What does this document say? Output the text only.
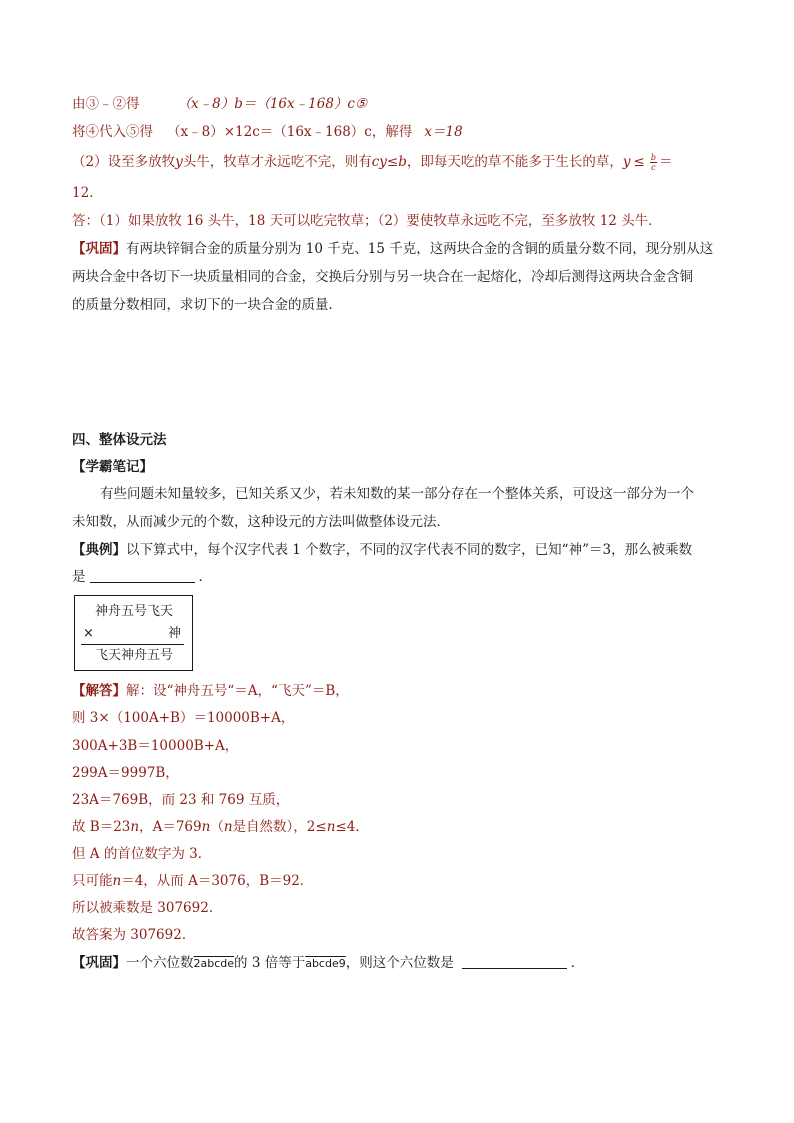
由③﹣②得	（x﹣8）b＝（16x﹣168）c⑤
将④代入⑤得 （x﹣8）×12c＝（16x﹣168）c，解得 x＝18
（2）设至多放牧y头牛，牧草才永远吃不完，则有cy≤b，即每天吃的草不能多于生长的草，$y \le \frac{b}{c}$ ＝
12．
答：（1）如果放牧 16 头牛，18 天可以吃完牧草；（2）要使牧草永远吃不完，至多放牧 12 头牛．
【巩固】有两块锌铜合金的质量分别为 10 千克、15 千克，这两块合金的含铜的质量分数不同，现分别从这
两块合金中各切下一块质量相同的合金，交换后分别与另一块合在一起熔化，冷却后测得这两块合金含铜
的质量分数相同，求切下的一块合金的质量．
四、整体设元法
【学霸笔记】
有些问题未知量较多，已知关系又少，若未知数的某一部分存在一个整体关系，可设这一部分为一个
未知数，从而减少元的个数，这种设元的方法叫做整体设元法．
【典例】以下算式中，每个汉字代表 1 个数字，不同的汉字代表不同的数字，已知“神”＝3，那么被乘数
是	．
神舟五号飞天
×	神
飞天神舟五号
【解答】解：设“神舟五号“＝A，“飞天”＝B，
则 3×（100A+B）＝10000B+A，
300A+3B＝10000B+A，
299A＝9997B，
23A＝769B，而 23 和 769 互质，
故 B＝23n，A＝769n（n是自然数），2≤n≤4．
但 A 的首位数字为 3．
只可能n＝4，从而 A＝3076，B＝92．
所以被乘数是 307692．
故答案为 307692．
【巩固】一个六位数2abcde的 3 倍等于abcde9，则这个六位数是	．
